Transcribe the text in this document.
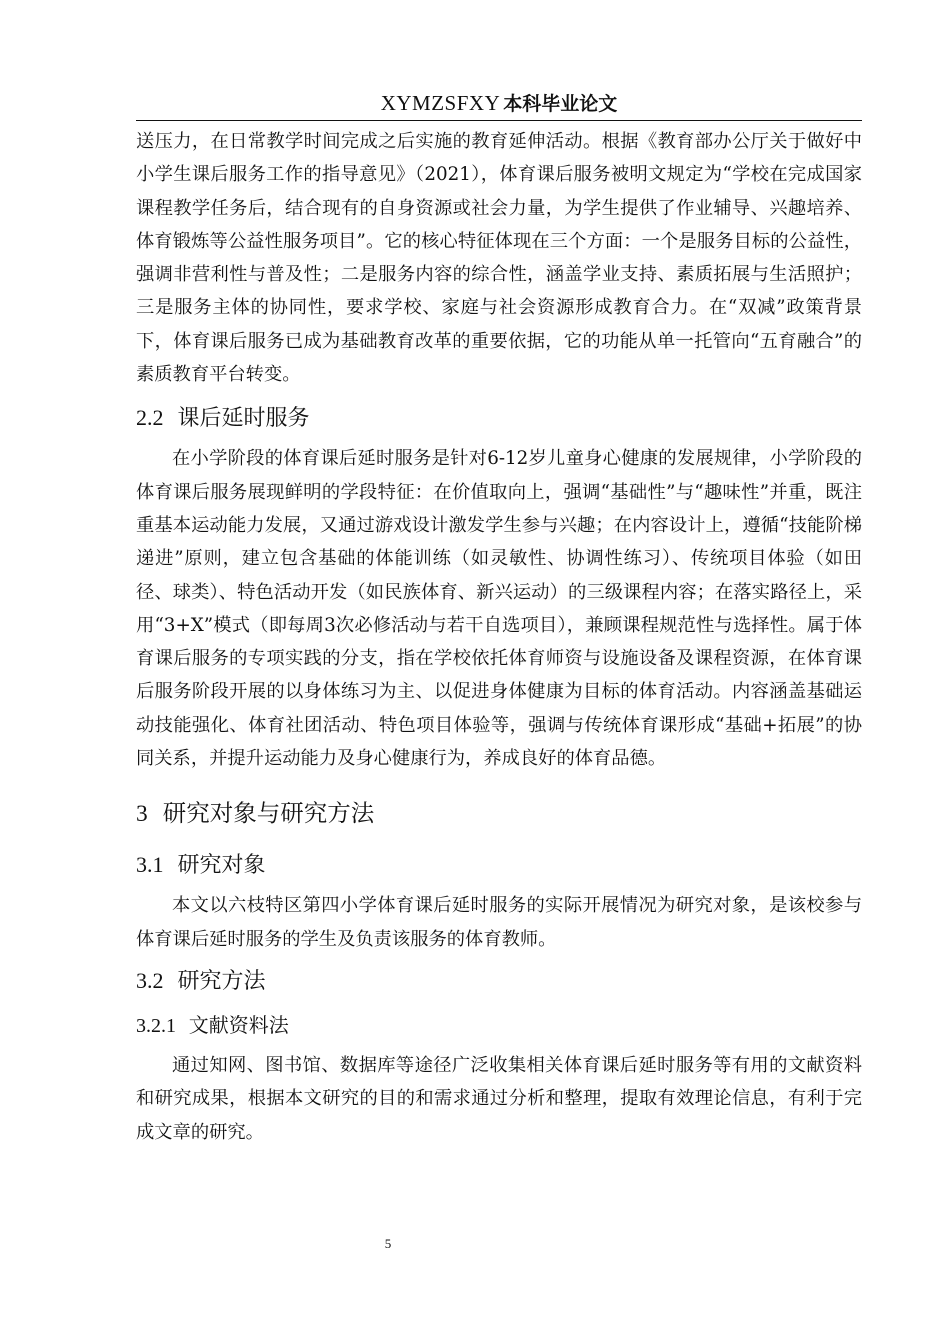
XYMZSFXY 本科毕业论文

送压力，在日常教学时间完成之后实施的教育延伸活动。根据《教育部办公厅关于做好中小学生课后服务工作的指导意见》（2021），体育课后服务被明文规定为“学校在完成国家课程教学任务后，结合现有的自身资源或社会力量，为学生提供了作业辅导、兴趣培养、体育锻炼等公益性服务项目”。它的核心特征体现在三个方面：一个是服务目标的公益性，强调非营利性与普及性；二是服务内容的综合性，涵盖学业支持、素质拓展与生活照护；三是服务主体的协同性，要求学校、家庭与社会资源形成教育合力。在“双减”政策背景下，体育课后服务已成为基础教育改革的重要依据，它的功能从单一托管向“五育融合”的素质教育平台转变。

2.2 课后延时服务

在小学阶段的体育课后延时服务是针对6-12岁儿童身心健康的发展规律，小学阶段的体育课后服务展现鲜明的学段特征：在价值取向上，强调“基础性”与“趣味性”并重，既注重基本运动能力发展，又通过游戏设计激发学生参与兴趣；在内容设计上，遵循“技能阶梯递进”原则，建立包含基础的体能训练（如灵敏性、协调性练习）、传统项目体验（如田径、球类）、特色活动开发（如民族体育、新兴运动）的三级课程内容；在落实路径上，采用“3+X”模式（即每周3次必修活动与若干自选项目），兼顾课程规范性与选择性。属于体育课后服务的专项实践的分支，指在学校依托体育师资与设施设备及课程资源，在体育课后服务阶段开展的以身体练习为主、以促进身体健康为目标的体育活动。内容涵盖基础运动技能强化、体育社团活动、特色项目体验等，强调与传统体育课形成“基础+拓展”的协同关系，并提升运动能力及身心健康行为，养成良好的体育品德。

3 研究对象与研究方法
3.1 研究对象

本文以六枝特区第四小学体育课后延时服务的实际开展情况为研究对象，是该校参与体育课后延时服务的学生及负责该服务的体育教师。

3.2 研究方法
3.2.1 文献资料法

通过知网、图书馆、数据库等途径广泛收集相关体育课后延时服务等有用的文献资料和研究成果，根据本文研究的目的和需求通过分析和整理，提取有效理论信息，有利于完成文章的研究。

5
